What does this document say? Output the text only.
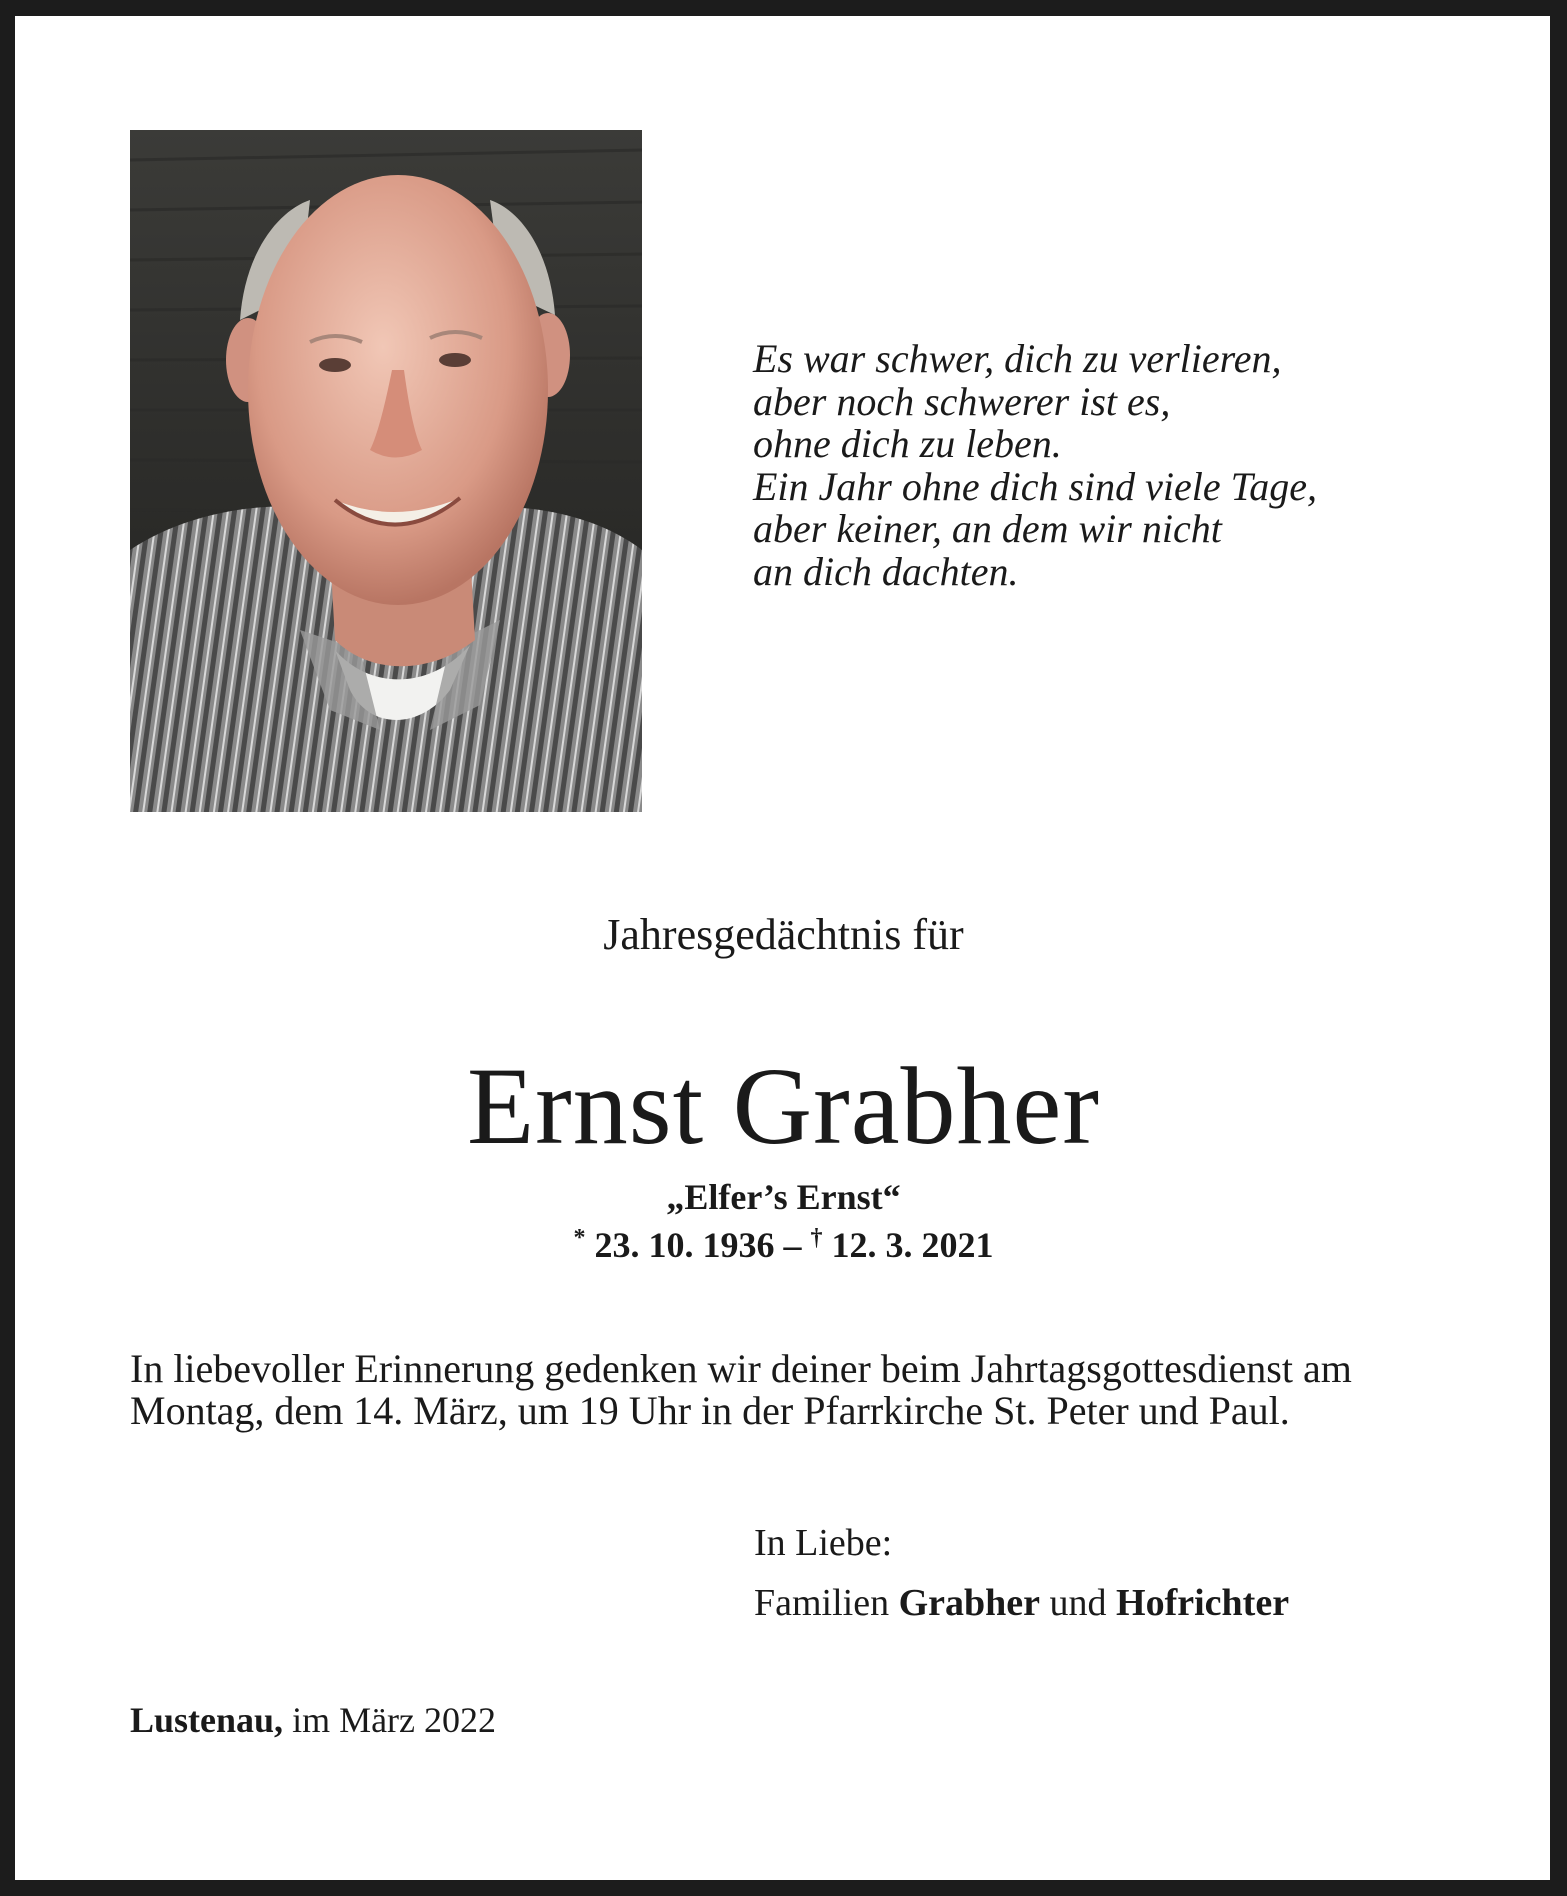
Es war schwer, dich zu verlieren,
aber noch schwerer ist es,
ohne dich zu leben.
Ein Jahr ohne dich sind viele Tage,
aber keiner, an dem wir nicht
an dich dachten.
Jahresgedächtnis für
Ernst Grabher
„Elfer’s Ernst“
* 23. 10. 1936 – † 12. 3. 2021
In liebevoller Erinnerung gedenken wir deiner beim Jahrtagsgottesdienst am
Montag, dem 14. März, um 19 Uhr in der Pfarrkirche St. Peter und Paul.
In Liebe:
Familien Grabher und Hofrichter
Lustenau, im März 2022
